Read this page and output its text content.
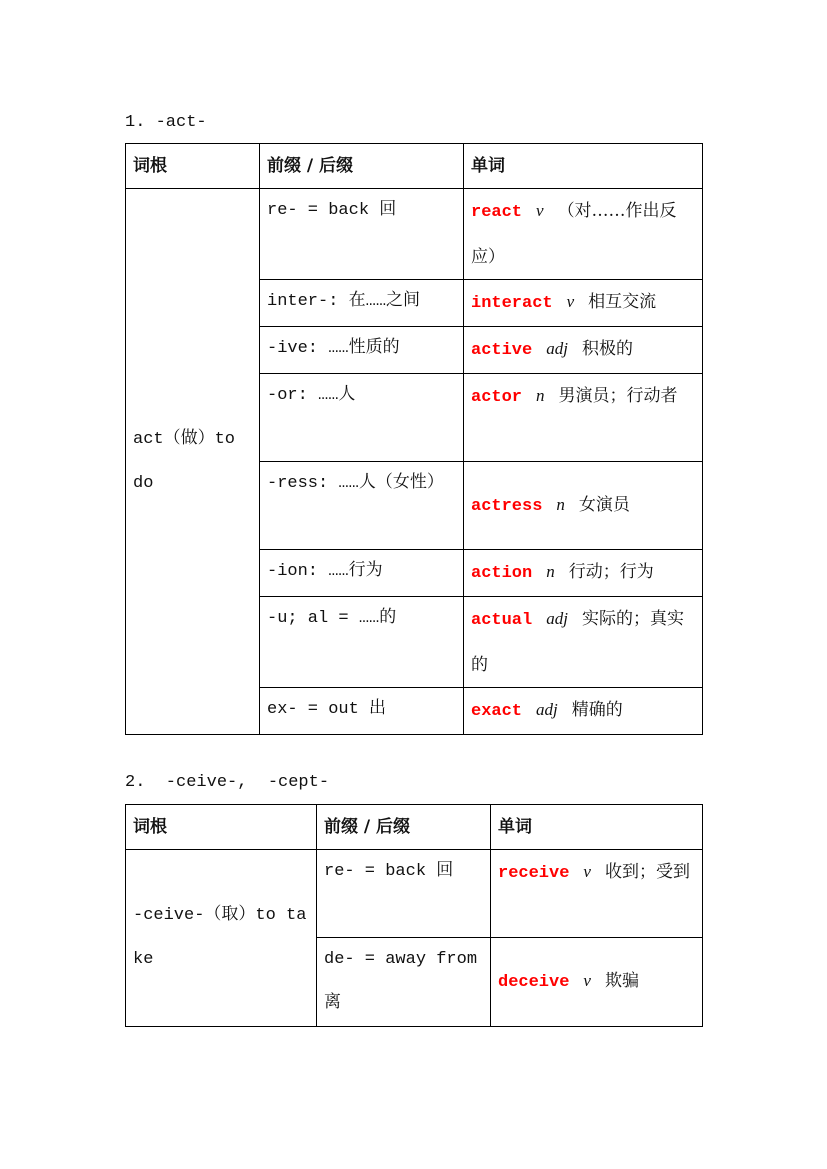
1. -act-
词根	前缀 / 后缀	单词
act（做）to do	re- = back 回	react v （对……作出反应）
	inter-: 在……之间	interact v 相互交流
	-ive: ……性质的	active adj 积极的
	-or: ……人	actor n 男演员；行动者
	-ress: ……人（女性）	actress n 女演员
	-ion: ……行为	action n 行动；行为
	-u; al = ……的	actual adj 实际的；真实的
	ex- = out 出	exact adj 精确的
2.  -ceive-,  -cept-
词根	前缀 / 后缀	单词
-ceive-（取）to take	re- = back 回	receive v 收到；受到
	de- = away from 离	deceive v 欺骗
